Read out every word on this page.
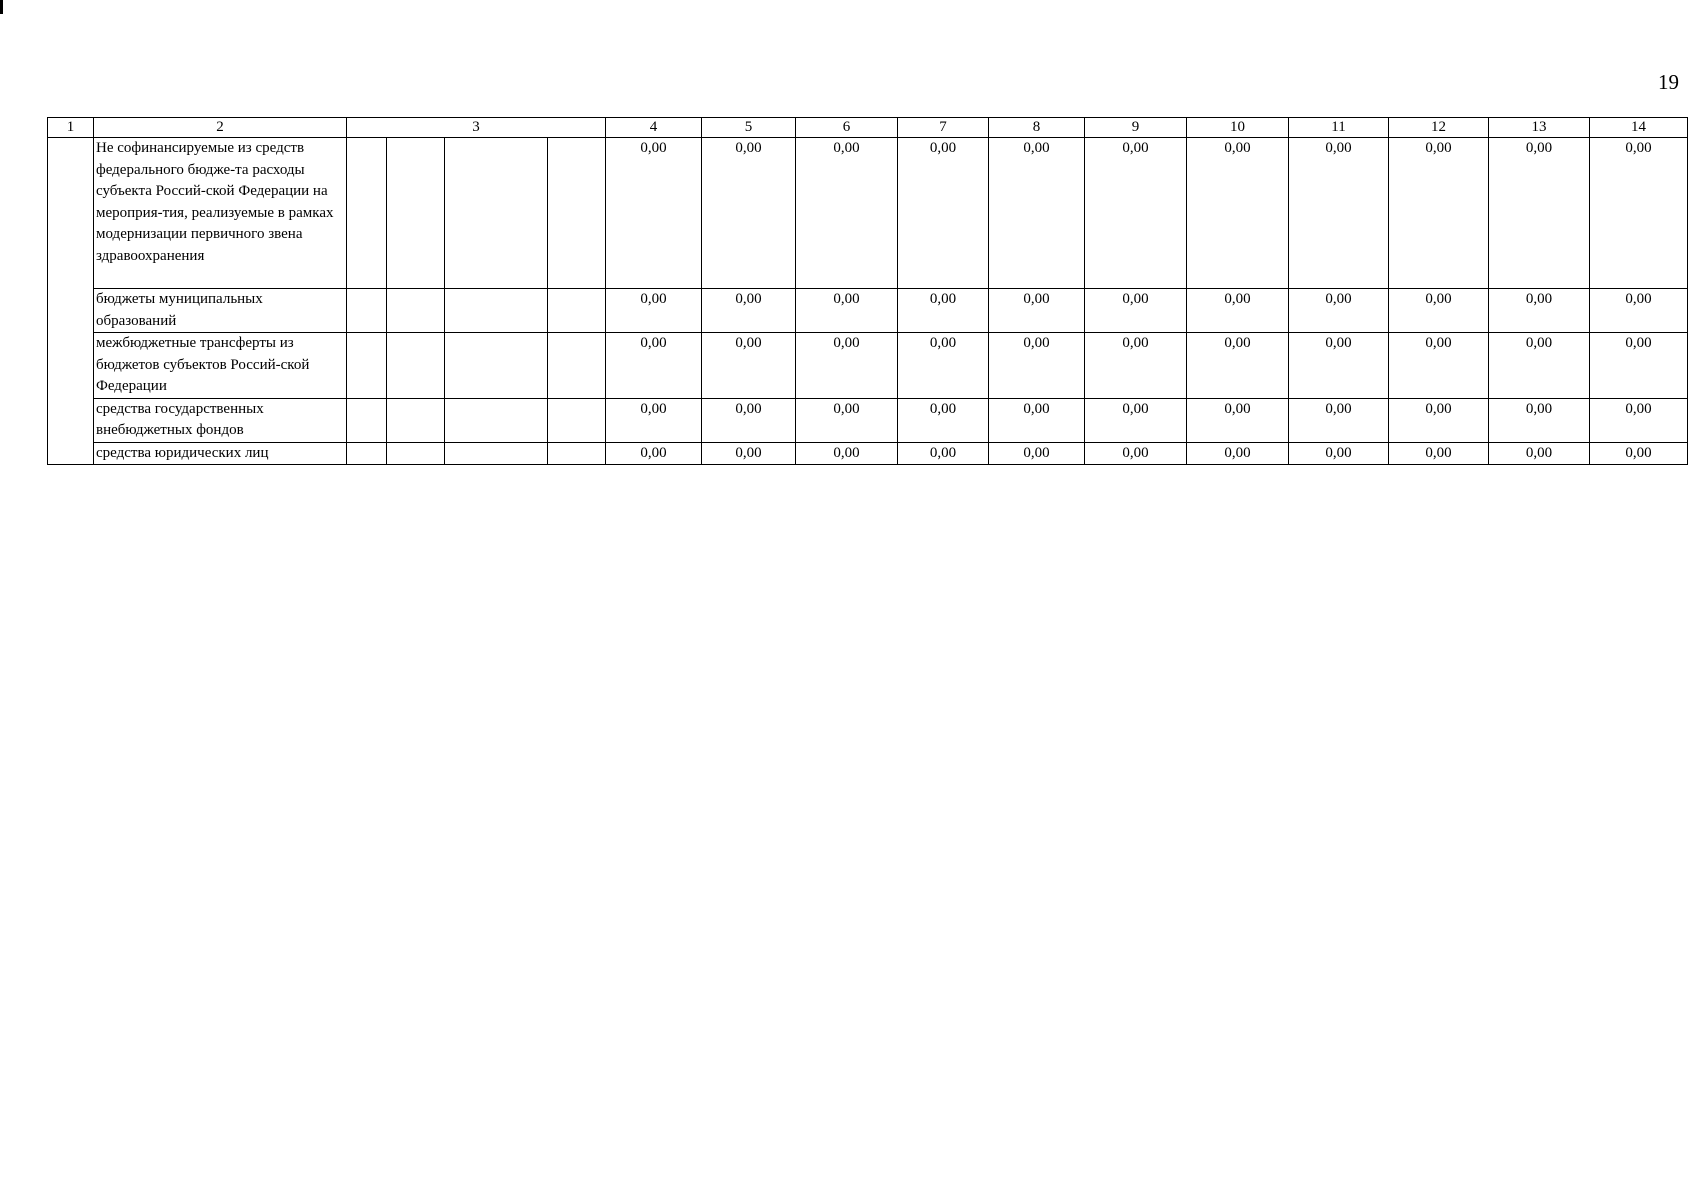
19
1	2	3				4	5	6	7	8	9	10	11	12	13	14
	Не софинансируемые из средств федерального бюдже-та расходы субъекта Россий-ской Федерации на мероприя-тия, реализуемые в рамках модернизации первичного звена здравоохранения					0,00	0,00	0,00	0,00	0,00	0,00	0,00	0,00	0,00	0,00	0,00
	бюджеты муниципальных образований					0,00	0,00	0,00	0,00	0,00	0,00	0,00	0,00	0,00	0,00	0,00
	межбюджетные трансферты из бюджетов субъектов Россий-ской Федерации					0,00	0,00	0,00	0,00	0,00	0,00	0,00	0,00	0,00	0,00	0,00
	средства государственных внебюджетных фондов					0,00	0,00	0,00	0,00	0,00	0,00	0,00	0,00	0,00	0,00	0,00
	средства юридических лиц					0,00	0,00	0,00	0,00	0,00	0,00	0,00	0,00	0,00	0,00	0,00
